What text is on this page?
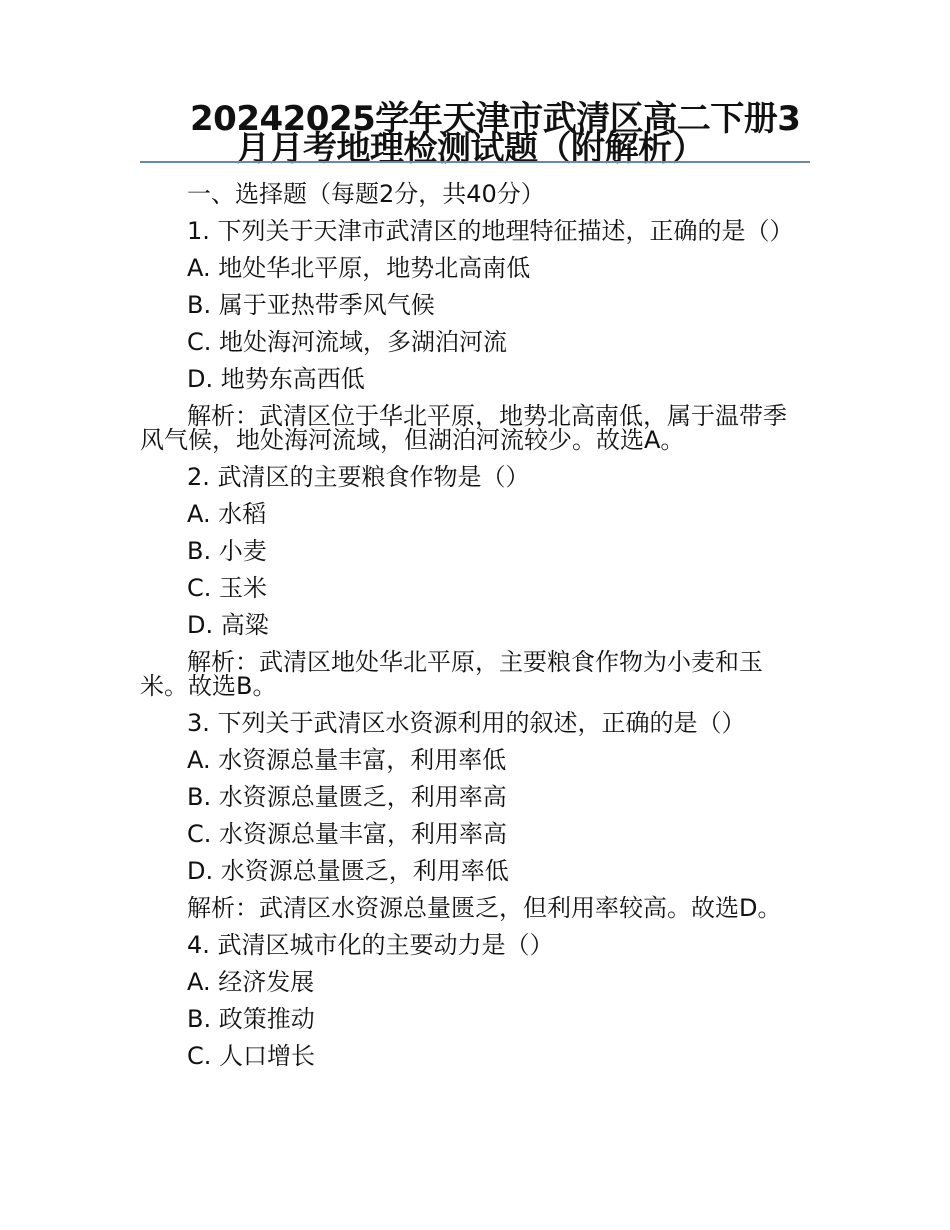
20242025学年天津市武清区高二下册3
月月考地理检测试题（附解析）
一、选择题（每题2分，共40分）
1. 下列关于天津市武清区的地理特征描述，正确的是（）
A. 地处华北平原，地势北高南低
B. 属于亚热带季风气候
C. 地处海河流域，多湖泊河流
D. 地势东高西低
解析：武清区位于华北平原，地势北高南低，属于温带季风气候，地处海河流域，但湖泊河流较少。故选A。
2. 武清区的主要粮食作物是（）
A. 水稻
B. 小麦
C. 玉米
D. 高粱
解析：武清区地处华北平原，主要粮食作物为小麦和玉米。故选B。
3. 下列关于武清区水资源利用的叙述，正确的是（）
A. 水资源总量丰富，利用率低
B. 水资源总量匮乏，利用率高
C. 水资源总量丰富，利用率高
D. 水资源总量匮乏，利用率低
解析：武清区水资源总量匮乏，但利用率较高。故选D。
4. 武清区城市化的主要动力是（）
A. 经济发展
B. 政策推动
C. 人口增长
